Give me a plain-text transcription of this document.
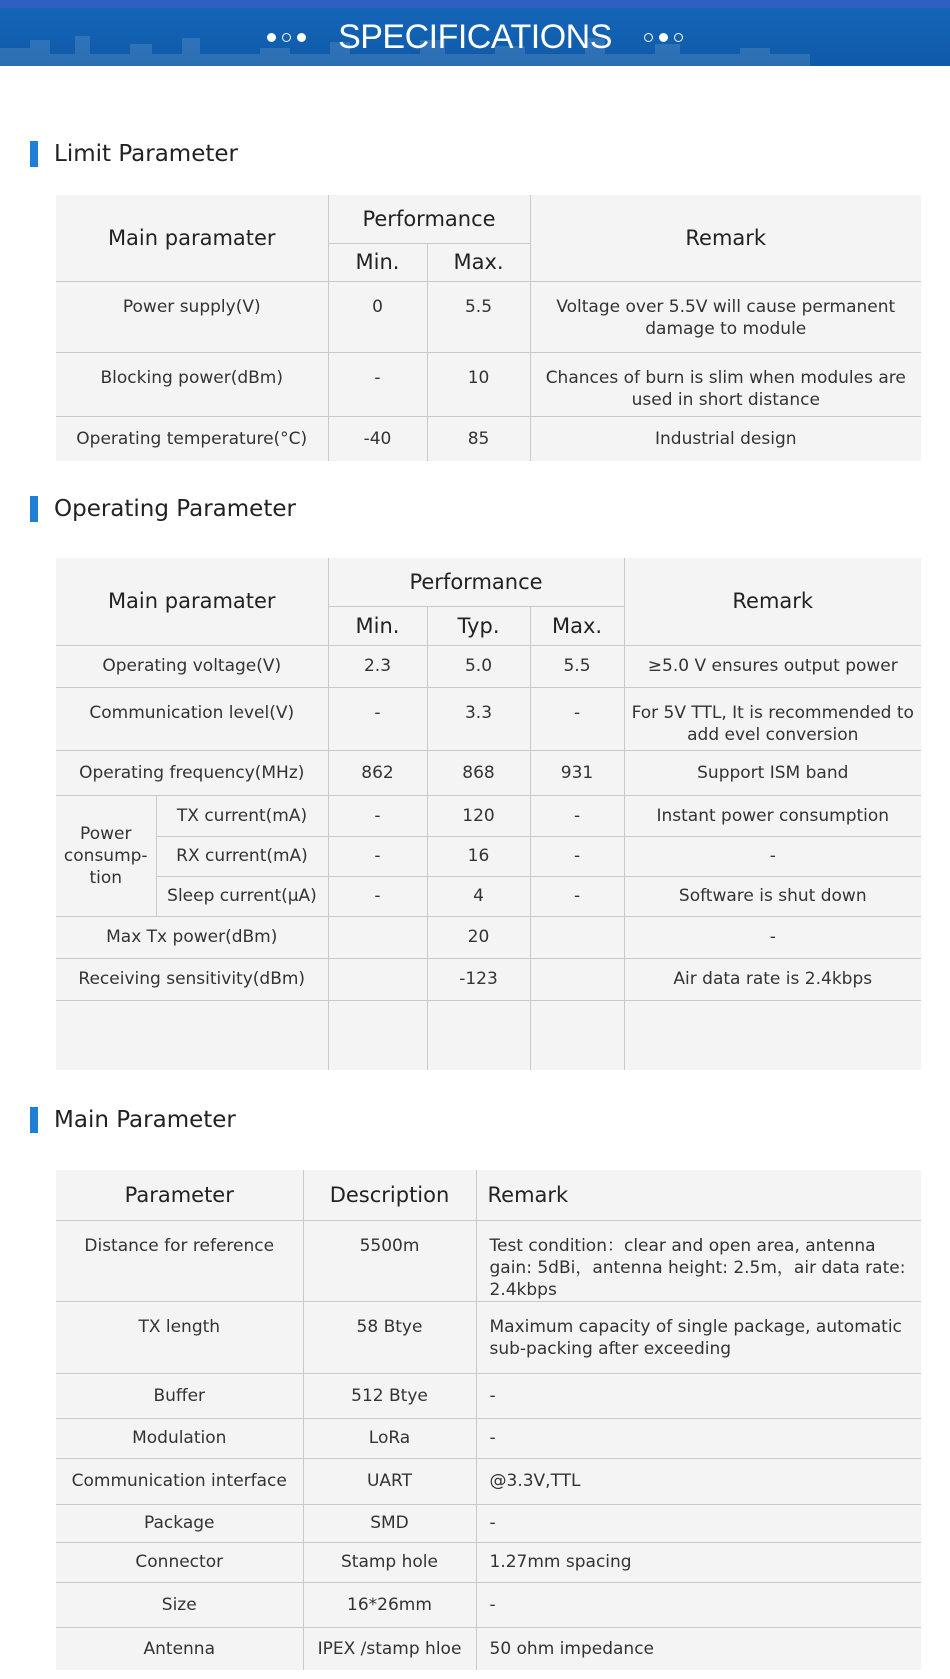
SPECIFICATIONS
Limit Parameter
Main paramater	Performance		Remark
	Min.	Max.	
Power supply(V)	0	5.5	Voltage over 5.5V will cause permanent damage to module
Blocking power(dBm)	-	10	Chances of burn is slim when modules are used in short distance
Operating temperature(°C)	-40	85	Industrial design
Operating Parameter
Main paramater		Performance			Remark
		Min.	Typ.	Max.	
Operating voltage(V)		2.3	5.0	5.5	≥5.0 V ensures output power
Communication level(V)		-	3.3	-	For 5V TTL, It is recommended to add evel conversion
Operating frequency(MHz)		862	868	931	Support ISM band
Power consump- tion	TX current(mA)	-	120	-	Instant power consumption
	RX current(mA)	-	16	-	-
	Sleep current(μA)	-	4	-	Software is shut down
Max Tx power(dBm)			20		-
Receiving sensitivity(dBm)			-123		Air data rate is 2.4kbps

Main Parameter
Parameter	Description	Remark
Distance for reference	5500m	Test condition：clear and open area, antenna gain: 5dBi，antenna height: 2.5m，air data rate: 2.4kbps
TX length	58 Btye	Maximum capacity of single package, automatic sub-packing after exceeding
Buffer	512 Btye	-
Modulation	LoRa	-
Communication interface	UART	@3.3V,TTL
Package	SMD	-
Connector	Stamp hole	1.27mm spacing
Size	16*26mm	-
Antenna	IPEX /stamp hloe	50 ohm impedance
